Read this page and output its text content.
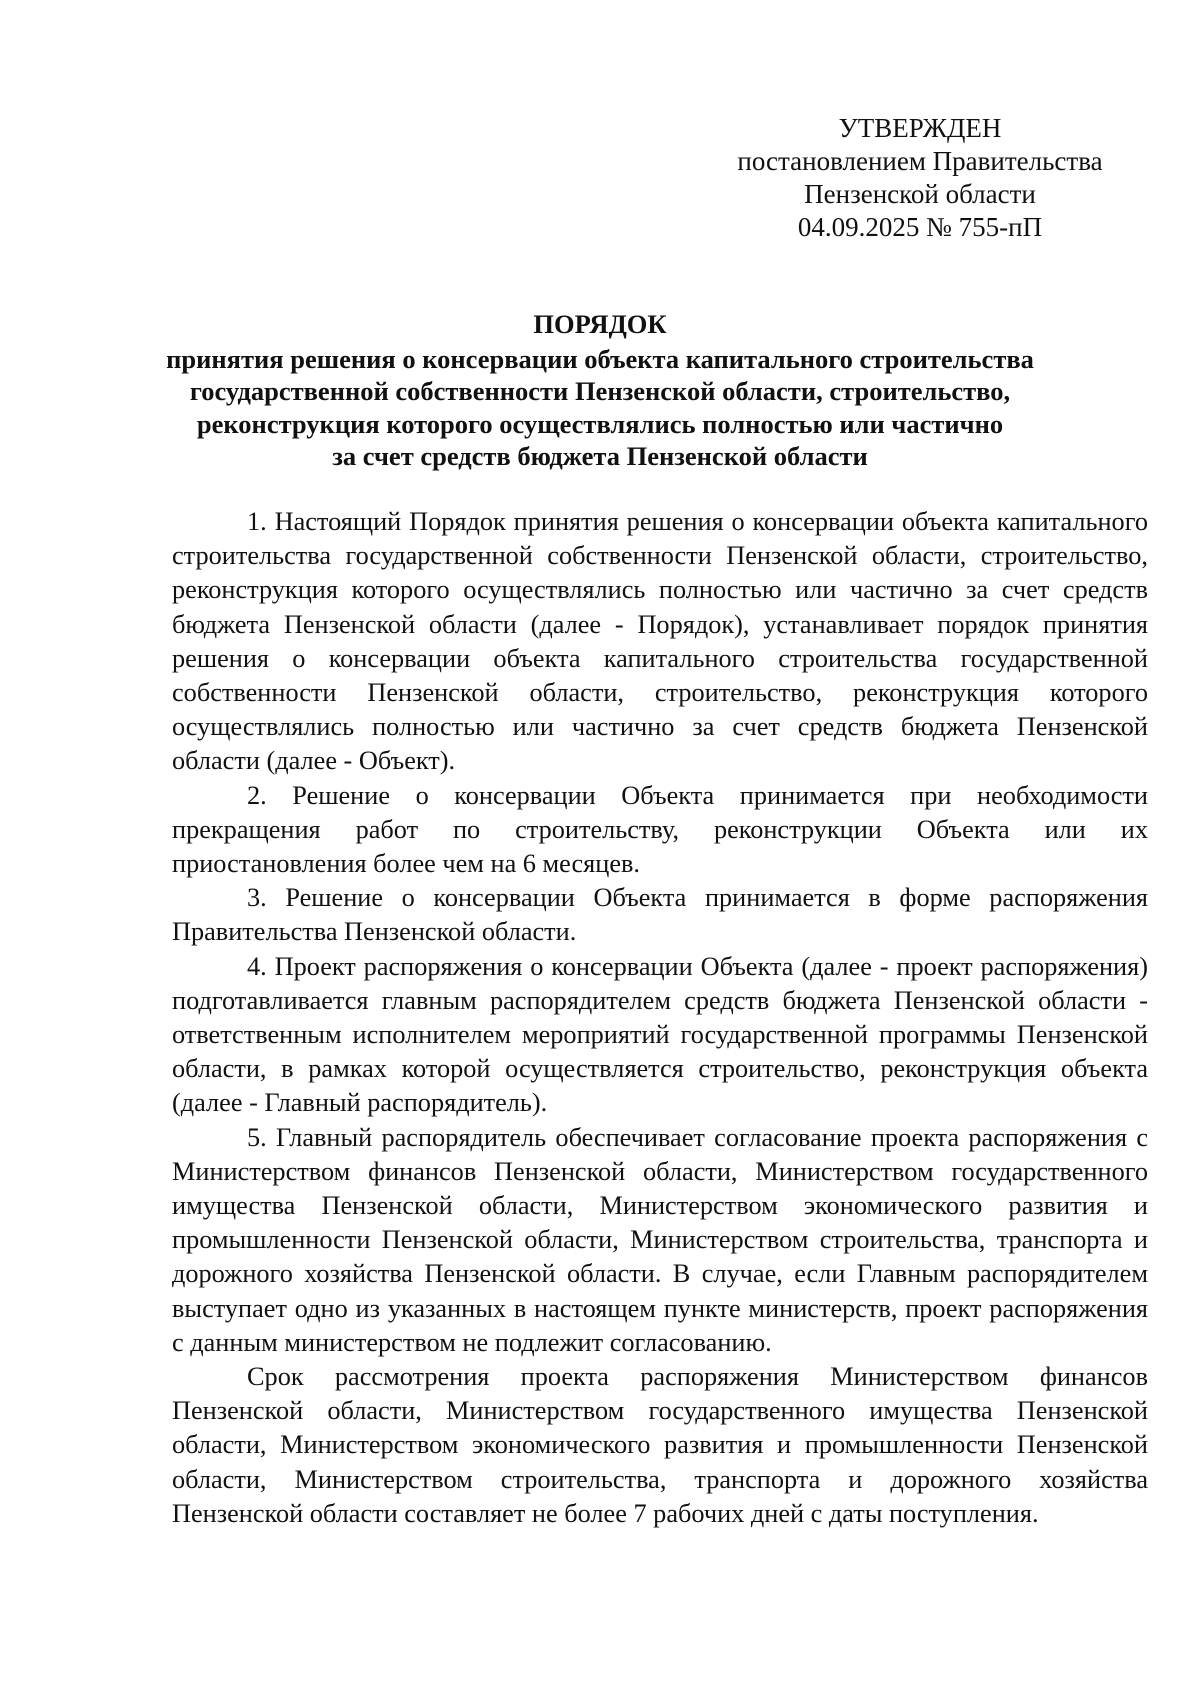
УТВЕРЖДЕН
постановлением Правительства
Пензенской области
04.09.2025 № 755-пП
ПОРЯДОК
принятия решения о консервации объекта капитального строительства
государственной собственности Пензенской области, строительство,
реконструкция которого осуществлялись полностью или частично
за счет средств бюджета Пензенской области

1. Настоящий Порядок принятия решения о консервации объекта капитального строительства государственной собственности Пензенской области, строительство, реконструкция которого осуществлялись полностью или частично за счет средств бюджета Пензенской области (далее - Порядок), устанавливает порядок принятия решения о консервации объекта капитального строительства государственной собственности Пензенской области, строительство, реконструкция которого осуществлялись полностью или частично за счет средств бюджета Пензенской области (далее - Объект).

2. Решение о консервации Объекта принимается при необходимости прекращения работ по строительству, реконструкции Объекта или их приостановления более чем на 6 месяцев.

3. Решение о консервации Объекта принимается в форме распоряжения Правительства Пензенской области.

4. Проект распоряжения о консервации Объекта (далее - проект распоряжения) подготавливается главным распорядителем средств бюджета Пензенской области - ответственным исполнителем мероприятий государственной программы Пензенской области, в рамках которой осуществляется строительство, реконструкция объекта (далее - Главный распорядитель).

5. Главный распорядитель обеспечивает согласование проекта распоряжения с Министерством финансов Пензенской области, Министерством государственного имущества Пензенской области, Министерством экономического развития и промышленности Пензенской области, Министерством строительства, транспорта и дорожного хозяйства Пензенской области. В случае, если Главным распорядителем выступает одно из указанных в настоящем пункте министерств, проект распоряжения с данным министерством не подлежит согласованию.

Срок рассмотрения проекта распоряжения Министерством финансов Пензенской области, Министерством государственного имущества Пензенской области, Министерством экономического развития и промышленности Пензенской области, Министерством строительства, транспорта и дорожного хозяйства Пензенской области составляет не более 7 рабочих дней с даты поступления.
